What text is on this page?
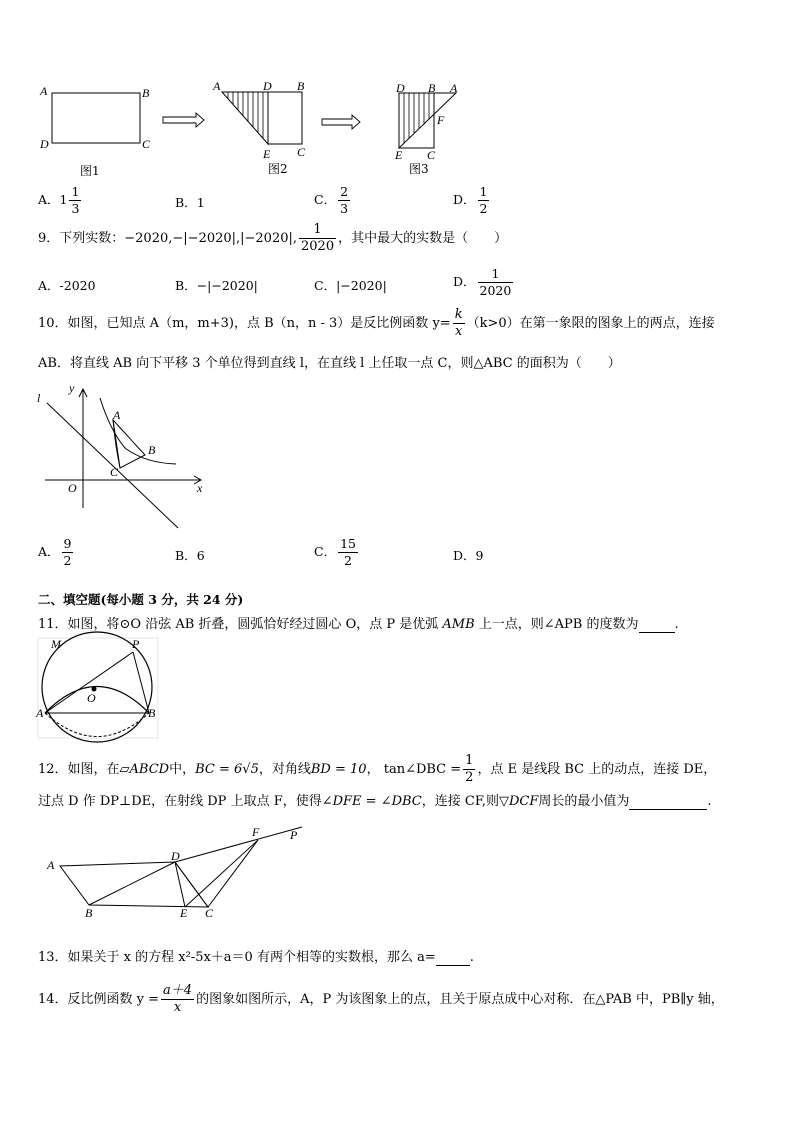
A	B
D	C
图1
A	D B
E C
图2
D B A
F
E C
图3
A．$1 \frac{1}{3}$	B．1	C． $\frac{2}{3}$	D． $\frac{1}{2}$
9．下列实数：−2020,−|−2020|,|−2020|, $\frac{1}{2020}$ ，其中最大的实数是（　　）
A．-2020	B．−|−2020|	C．|−2020|	D． $\frac{1}{2020}$
10．如图，已知点 A（m，m+3)，点 B（n，n - 3）是反比例函数 $y= \frac{k}{x} (k>0)$在第一象限的图象上的两点，连接
AB．将直线 AB 向下平移 3 个单位得到直线 l，在直线 l 上任取一点 C，则△ABC 的面积为（　　）
l
y
A
B
C
O	x
A． $\frac{9}{2}$	B．6	C． $\frac{15}{2}$	D．9
二、填空题(每小题 3 分，共 24 分)
11．如图，将⊙O 沿弦 AB 折叠，圆弧恰好经过圆心 O，点 P 是优弧 AMB 上一点，则∠APB 的度数为	.
M	P
O
A	B
12．如图，在▱ABCD中，BC = 6√5，对角线BD = 10， tan∠DBC = $\frac{1}{2}$ ，点 E 是线段 BC 上的动点，连接 DE，
过点 D 作 DP⊥DE，在射线 DP 上取点 F，使得∠DFE = ∠DBC，连接 CF,则▽DCF周长的最小值为	.
A
B
D
E C
F	P
13．如果关于 x 的方程 x²-5x＋a＝0 有两个相等的实数根，那么 a=	.
14．反比例函数 $y = \frac{a+4}{x}$ 的图象如图所示，A，P 为该图象上的点，且关于原点成中心对称．在△PAB 中，PB∥y 轴，
